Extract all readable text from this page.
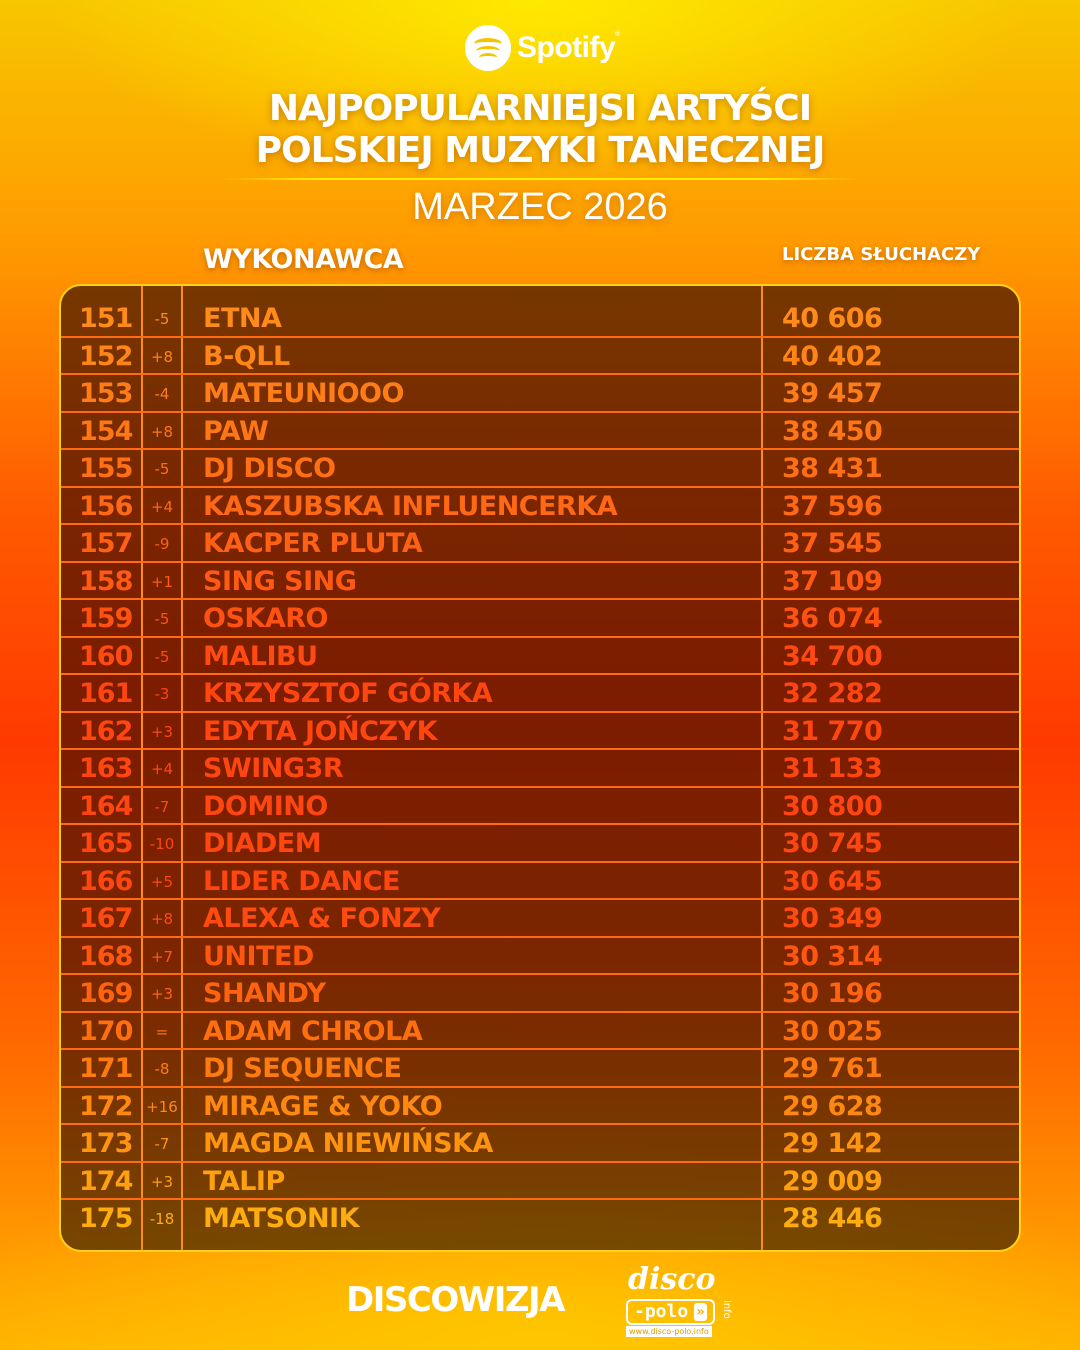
Spotify®
NAJPOPULARNIEJSI ARTYŚCI
POLSKIEJ MUZYKI TANECZNEJ
MARZEC 2026
WYKONAWCA	LICZBA SŁUCHACZY
151	-5	ETNA	40 606
152	+8 B-QLL	40 402
153	-4	MATEUNIOOO	39 457
154	+8 PAW	38 450
155	-5	DJ DISCO	38 431
156	+4 KASZUBSKA INFLUENCERKA	37 596
157	-9	KACPER PLUTA	37 545
158	+1 SING SING	37 109
159	-5	OSKARO	36 074
160	-5	MALIBU	34 700
161	-3	KRZYSZTOF GÓRKA	32 282
162	+3 EDYTA JOŃCZYK	31 770
163	+4 SWING3R	31 133
164	-7	DOMINO	30 800
165	-10 DIADEM	30 745
166	+5 LIDER DANCE	30 645
167	+8 ALEXA & FONZY	30 349
168	+7 UNITED	30 314
169	+3 SHANDY	30 196
170	=	ADAM CHROLA	30 025
171	-8	DJ SEQUENCE	29 761
172 +16 MIRAGE & YOKO	29 628
173	-7	MAGDA NIEWIŃSKA	29 142
174	+3 TALIP	29 009
175	-18 MATSONIK	28 446
DISCOWIZJA
disco
-polo » info
www.disco-polo.info
